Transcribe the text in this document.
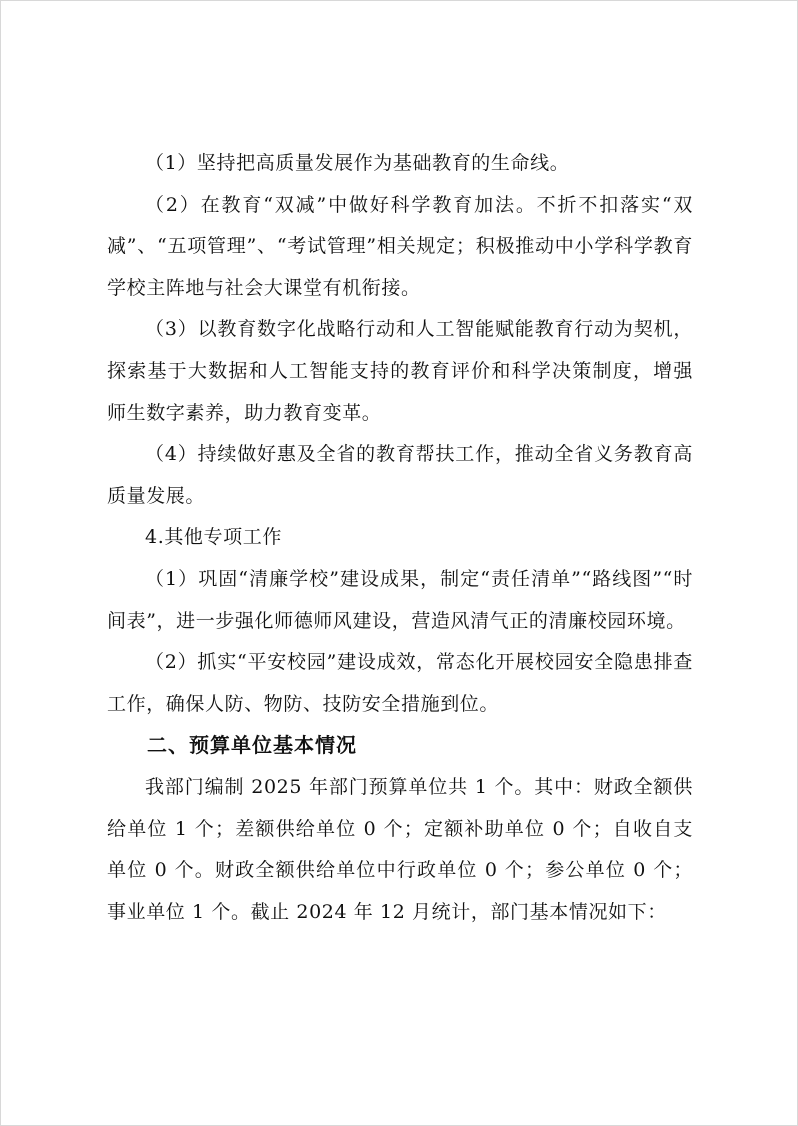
（1）坚持把高质量发展作为基础教育的生命线。

（2）在教育“双减”中做好科学教育加法。不折不扣落实“双减”、“五项管理”、“考试管理”相关规定；积极推动中小学科学教育学校主阵地与社会大课堂有机衔接。

（3）以教育数字化战略行动和人工智能赋能教育行动为契机，探索基于大数据和人工智能支持的教育评价和科学决策制度，增强师生数字素养，助力教育变革。

（4）持续做好惠及全省的教育帮扶工作，推动全省义务教育高质量发展。

4.其他专项工作

（1）巩固“清廉学校”建设成果，制定“责任清单”“路线图”“时间表”，进一步强化师德师风建设，营造风清气正的清廉校园环境。

（2）抓实“平安校园”建设成效，常态化开展校园安全隐患排查工作，确保人防、物防、技防安全措施到位。

二、预算单位基本情况

我部门编制 2025 年部门预算单位共 1 个。其中：财政全额供给单位 1 个；差额供给单位 0 个；定额补助单位 0 个；自收自支单位 0 个。财政全额供给单位中行政单位 0 个；参公单位 0 个；事业单位 1 个。截止 2024 年 12 月统计，部门基本情况如下：
